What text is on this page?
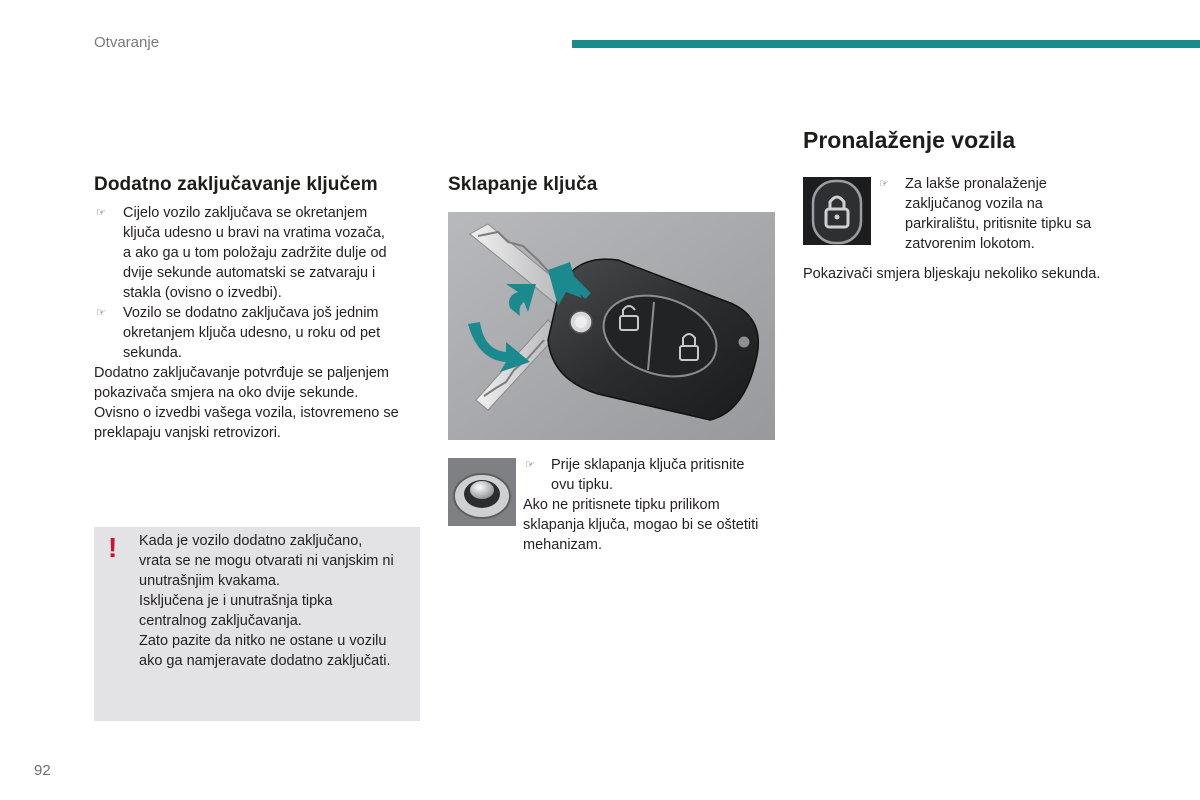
Otvaranje
Dodatno zaključavanje ključem
☞ Cijelo vozilo zaključava se okretanjem
ključa udesno u bravi na vratima vozača,
a ako ga u tom položaju zadržite dulje od
dvije sekunde automatski se zatvaraju i
stakla (ovisno o izvedbi).
☞ Vozilo se dodatno zaključava još jednim
okretanjem ključa udesno, u roku od pet
sekunda.
Dodatno zaključavanje potvrđuje se paljenjem
pokazivača smjera na oko dvije sekunde.
Ovisno o izvedbi vašega vozila, istovremeno se
preklapaju vanjski retrovizori.
! Kada je vozilo dodatno zaključano,
vrata se ne mogu otvarati ni vanjskim ni
unutrašnjim kvakama.
Isključena je i unutrašnja tipka
centralnog zaključavanja.
Zato pazite da nitko ne ostane u vozilu
ako ga namjeravate dodatno zaključati.
Sklapanje ključa
☞ Prije sklapanja ključa pritisnite
ovu tipku.
Ako ne pritisnete tipku prilikom
sklapanja ključa, mogao bi se oštetiti
mehanizam.
Pronalaženje vozila
☞ Za lakše pronalaženje
zaključanog vozila na
parkiralištu, pritisnite tipku sa
zatvorenim lokotom.
Pokazivači smjera bljeskaju nekoliko sekunda.
92
